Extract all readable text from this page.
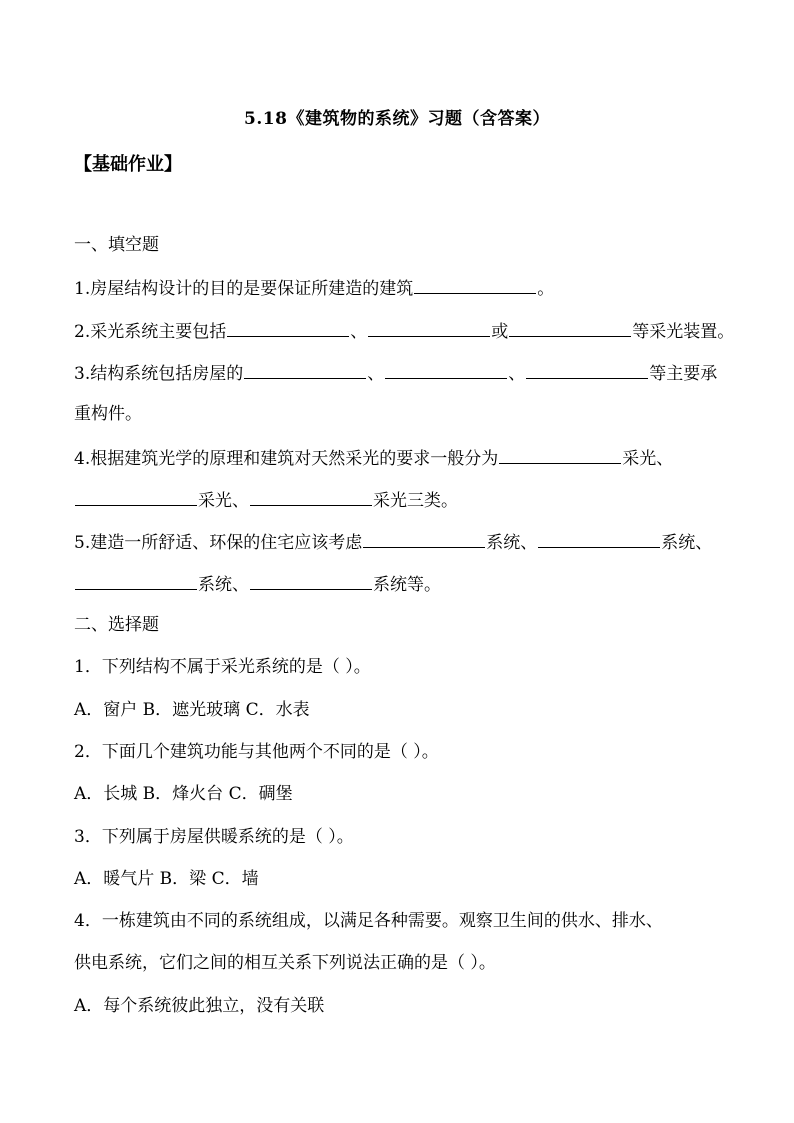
5.18《建筑物的系统》习题（含答案）
【基础作业】
一、填空题
1.房屋结构设计的目的是要保证所建造的建筑	。
2.采光系统主要包括	、	或	等采光装置。
3.结构系统包括房屋的	、	、	等主要承
重构件。
4.根据建筑光学的原理和建筑对天然采光的要求一般分为	采光、
采光、	采光三类。
5.建造一所舒适、环保的住宅应该考虑	系统、	系统、
系统、	系统等。
二、选择题
1．下列结构不属于采光系统的是（ ）。
A．窗户 B．遮光玻璃 C．水表
2．下面几个建筑功能与其他两个不同的是（ ）。
A．长城 B．烽火台 C．碉堡
3．下列属于房屋供暖系统的是（ ）。
A．暖气片 B．梁 C．墙
4．一栋建筑由不同的系统组成，以满足各种需要。观察卫生间的供水、排水、
供电系统，它们之间的相互关系下列说法正确的是（ ）。
A．每个系统彼此独立，没有关联
